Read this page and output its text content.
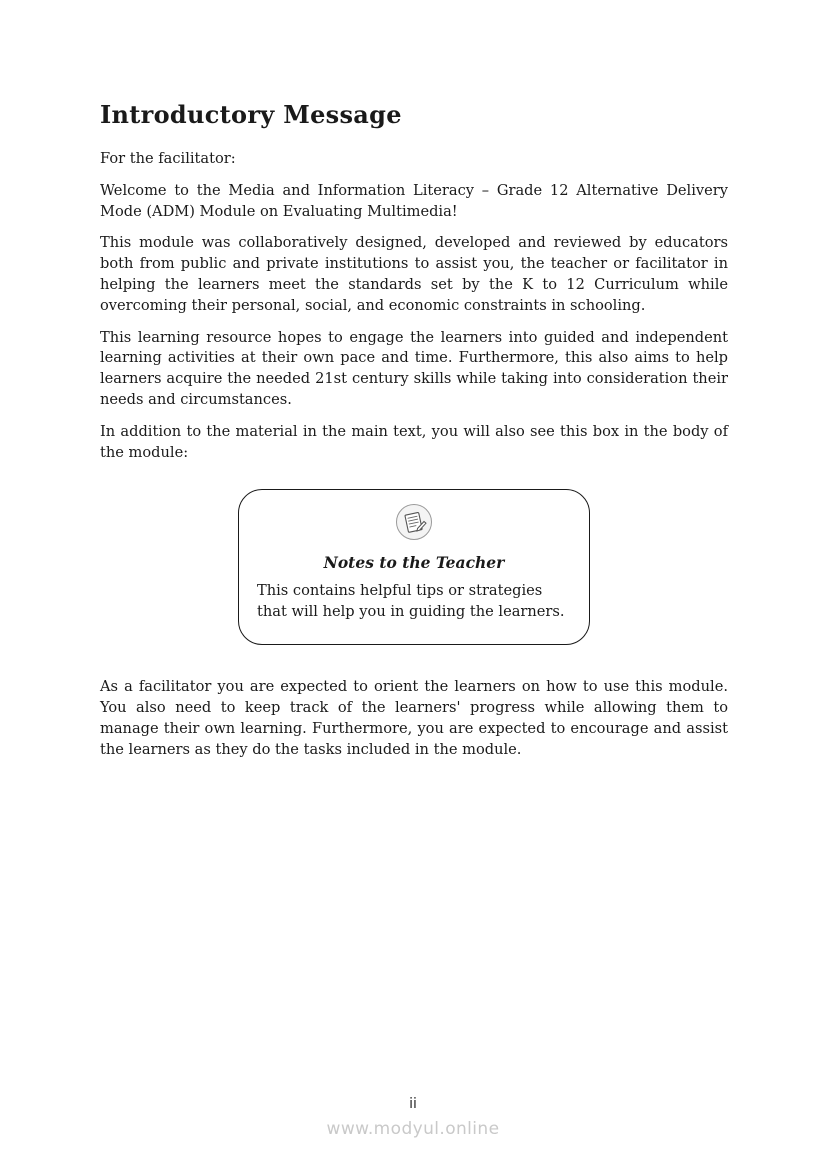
Introductory Message

For the facilitator:

Welcome to the Media and Information Literacy – Grade 12 Alternative Delivery Mode (ADM) Module on Evaluating Multimedia!

This module was collaboratively designed, developed and reviewed by educators both from public and private institutions to assist you, the teacher or facilitator in helping the learners meet the standards set by the K to 12 Curriculum while overcoming their personal, social, and economic constraints in schooling.

This learning resource hopes to engage the learners into guided and independent learning activities at their own pace and time. Furthermore, this also aims to help learners acquire the needed 21st century skills while taking into consideration their needs and circumstances.

In addition to the material in the main text, you will also see this box in the body of the module:

Notes to the Teacher

This contains helpful tips or strategies that will help you in guiding the learners.

As a facilitator you are expected to orient the learners on how to use this module. You also need to keep track of the learners' progress while allowing them to manage their own learning. Furthermore, you are expected to encourage and assist the learners as they do the tasks included in the module.

ii
www.modyul.online
